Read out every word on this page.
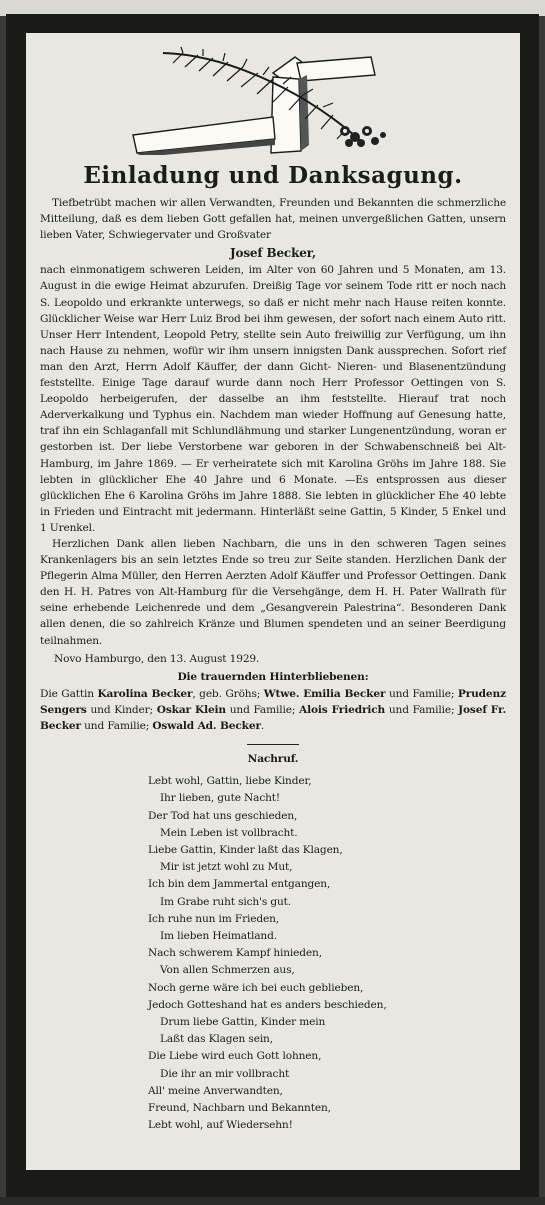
Einladung und Danksagung.

Tiefbetrübt machen wir allen Verwandten, Freunden und Bekannten die schmerzliche Mitteilung, daß es dem lieben Gott gefallen hat, meinen unvergeßlichen Gatten, unsern lieben Vater, Schwiegervater und Großvater

Josef Becker,

nach einmonatigem schweren Leiden, im Alter von 60 Jahren und 5 Monaten, am 13. August in die ewige Heimat abzurufen. Dreißig Tage vor seinem Tode ritt er noch nach S. Leopoldo und erkrankte unterwegs, so daß er nicht mehr nach Hause reiten konnte. Glücklicher Weise war Herr Luiz Brod bei ihm gewesen, der sofort nach einem Auto ritt. Unser Herr Intendent, Leopold Petry, stellte sein Auto freiwillig zur Verfügung, um ihn nach Hause zu nehmen, wofür wir ihm unsern innigsten Dank aussprechen. Sofort rief man den Arzt, Herrn Adolf Käuffer, der dann Gicht- Nieren- und Blasenentzündung feststellte. Einige Tage darauf wurde dann noch Herr Professor Oettingen von S. Leopoldo herbeigerufen, der dasselbe an ihm feststellte. Hierauf trat noch Aderverkalkung und Typhus ein. Nachdem man wieder Hoffnung auf Genesung hatte, traf ihn ein Schlaganfall mit Schlundlähmung und starker Lungenentzündung, woran er gestorben ist. Der liebe Verstorbene war geboren in der Schwabenschneiß bei Alt-Hamburg, im Jahre 1869. — Er verheiratete sich mit Karolina Gröhs im Jahre 188. Sie lebten in glücklicher Ehe 40 Jahre und 6 Monate. —Es entsprossen aus dieser glücklichen Ehe 6 Karolina Gröhs im Jahre 1888. Sie lebten in glücklicher Ehe 40 lebte in Frieden und Eintracht mit jedermann. Hinterläßt seine Gattin, 5 Kinder, 5 Enkel und 1 Urenkel.

Herzlichen Dank allen lieben Nachbarn, die uns in den schweren Tagen seines Krankenlagers bis an sein letztes Ende so treu zur Seite standen. Herzlichen Dank der Pflegerin Alma Müller, den Herren Aerzten Adolf Käuffer und Professor Oettingen. Dank den H. H. Patres von Alt-Hamburg für die Versehgänge, dem H. H. Pater Wallrath für seine erhebende Leichenrede und dem „Gesangverein Palestrina“. Besonderen Dank allen denen, die so zahlreich Kränze und Blumen spendeten und an seiner Beerdigung teilnahmen.

Novo Hamburgo, den 13. August 1929.

Die trauernden Hinterbliebenen:

Die Gattin Karolina Becker, geb. Gröhs; Wtwe. Emilia Becker und Familie; Prudenz Sengers und Kinder; Oskar Klein und Familie; Alois Friedrich und Familie; Josef Fr. Becker und Familie; Oswald Ad. Becker.

Nachruf.
Lebt wohl, Gattin, liebe Kinder,
Ihr lieben, gute Nacht!
Der Tod hat uns geschieden,
Mein Leben ist vollbracht.
Liebe Gattin, Kinder laßt das Klagen,
Mir ist jetzt wohl zu Mut,
Ich bin dem Jammertal entgangen,
Im Grabe ruht sich's gut.
Ich ruhe nun im Frieden,
Im lieben Heimatland.
Nach schwerem Kampf hinieden,
Von allen Schmerzen aus,
Noch gerne wäre ich bei euch geblieben,
Jedoch Gotteshand hat es anders beschieden,
Drum liebe Gattin, Kinder mein
Laßt das Klagen sein,
Die Liebe wird euch Gott lohnen,
Die ihr an mir vollbracht
All' meine Anverwandten,
Freund, Nachbarn und Bekannten,
Lebt wohl, auf Wiedersehn!
